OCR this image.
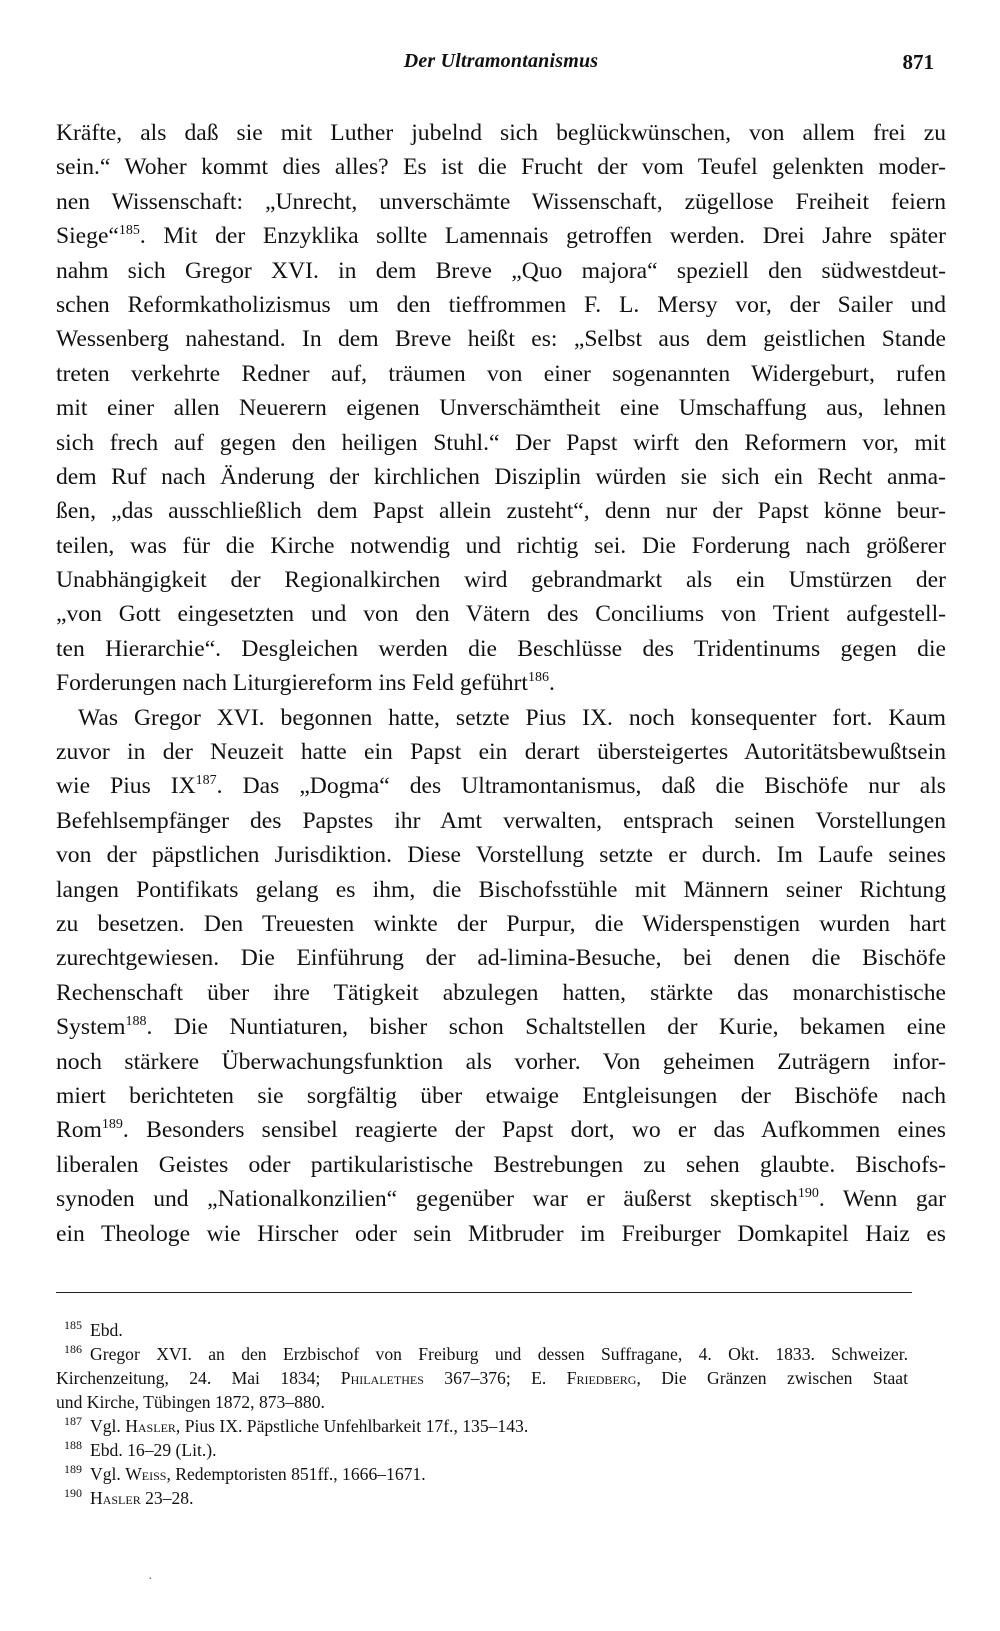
Der Ultramontanismus	871
Kräfte, als daß sie mit Luther jubelnd sich beglückwünschen, von allem frei zu
sein.“ Woher kommt dies alles? Es ist die Frucht der vom Teufel gelenkten moder-
nen Wissenschaft: „Unrecht, unverschämte Wissenschaft, zügellose Freiheit feiern
Siege“$^{185}$. Mit der Enzyklika sollte Lamennais getroffen werden. Drei Jahre später
nahm sich Gregor XVI. in dem Breve „Quo majora“ speziell den südwestdeut-
schen Reformkatholizismus um den tieffrommen F. L. Mersy vor, der Sailer und
Wessenberg nahestand. In dem Breve heißt es: „Selbst aus dem geistlichen Stande
treten verkehrte Redner auf, träumen von einer sogenannten Widergeburt, rufen
mit einer allen Neuerern eigenen Unverschämtheit eine Umschaffung aus, lehnen
sich frech auf gegen den heiligen Stuhl.“ Der Papst wirft den Reformern vor, mit
dem Ruf nach Änderung der kirchlichen Disziplin würden sie sich ein Recht anma-
ßen, „das ausschließlich dem Papst allein zusteht“, denn nur der Papst könne beur-
teilen, was für die Kirche notwendig und richtig sei. Die Forderung nach größerer
Unabhängigkeit der Regionalkirchen wird gebrandmarkt als ein Umstürzen der
„von Gott eingesetzten und von den Vätern des Conciliums von Trient aufgestell-
ten Hierarchie“. Desgleichen werden die Beschlüsse des Tridentinums gegen die
Forderungen nach Liturgiereform ins Feld geführt$^{186}$.
Was Gregor XVI. begonnen hatte, setzte Pius IX. noch konsequenter fort. Kaum
zuvor in der Neuzeit hatte ein Papst ein derart übersteigertes Autoritätsbewußtsein
wie Pius IX$^{187}$. Das „Dogma“ des Ultramontanismus, daß die Bischöfe nur als
Befehlsempfänger des Papstes ihr Amt verwalten, entsprach seinen Vorstellungen
von der päpstlichen Jurisdiktion. Diese Vorstellung setzte er durch. Im Laufe seines
langen Pontifikats gelang es ihm, die Bischofsstühle mit Männern seiner Richtung
zu besetzen. Den Treuesten winkte der Purpur, die Widerspenstigen wurden hart
zurechtgewiesen. Die Einführung der ad-limina-Besuche, bei denen die Bischöfe
Rechenschaft über ihre Tätigkeit abzulegen hatten, stärkte das monarchistische
System$^{188}$. Die Nuntiaturen, bisher schon Schaltstellen der Kurie, bekamen eine
noch stärkere Überwachungsfunktion als vorher. Von geheimen Zuträgern infor-
miert berichteten sie sorgfältig über etwaige Entgleisungen der Bischöfe nach
Rom$^{189}$. Besonders sensibel reagierte der Papst dort, wo er das Aufkommen eines
liberalen Geistes oder partikularistische Bestrebungen zu sehen glaubte. Bischofs-
synoden und „Nationalkonzilien“ gegenüber war er äußerst skeptisch$^{190}$. Wenn gar
ein Theologe wie Hirscher oder sein Mitbruder im Freiburger Domkapitel Haiz es
185 Ebd.
186 Gregor XVI. an den Erzbischof von Freiburg und dessen Suffragane, 4. Okt. 1833. Schweizer.
Kirchenzeitung, 24. Mai 1834; Philalethes 367–376; E. Friedberg, Die Gränzen zwischen Staat
und Kirche, Tübingen 1872, 873–880.
187 Vgl. Hasler, Pius IX. Päpstliche Unfehlbarkeit 17f., 135–143.
188 Ebd. 16–29 (Lit.).
189 Vgl. Weiss, Redemptoristen 851ff., 1666–1671.
190 Hasler 23–28.
·
